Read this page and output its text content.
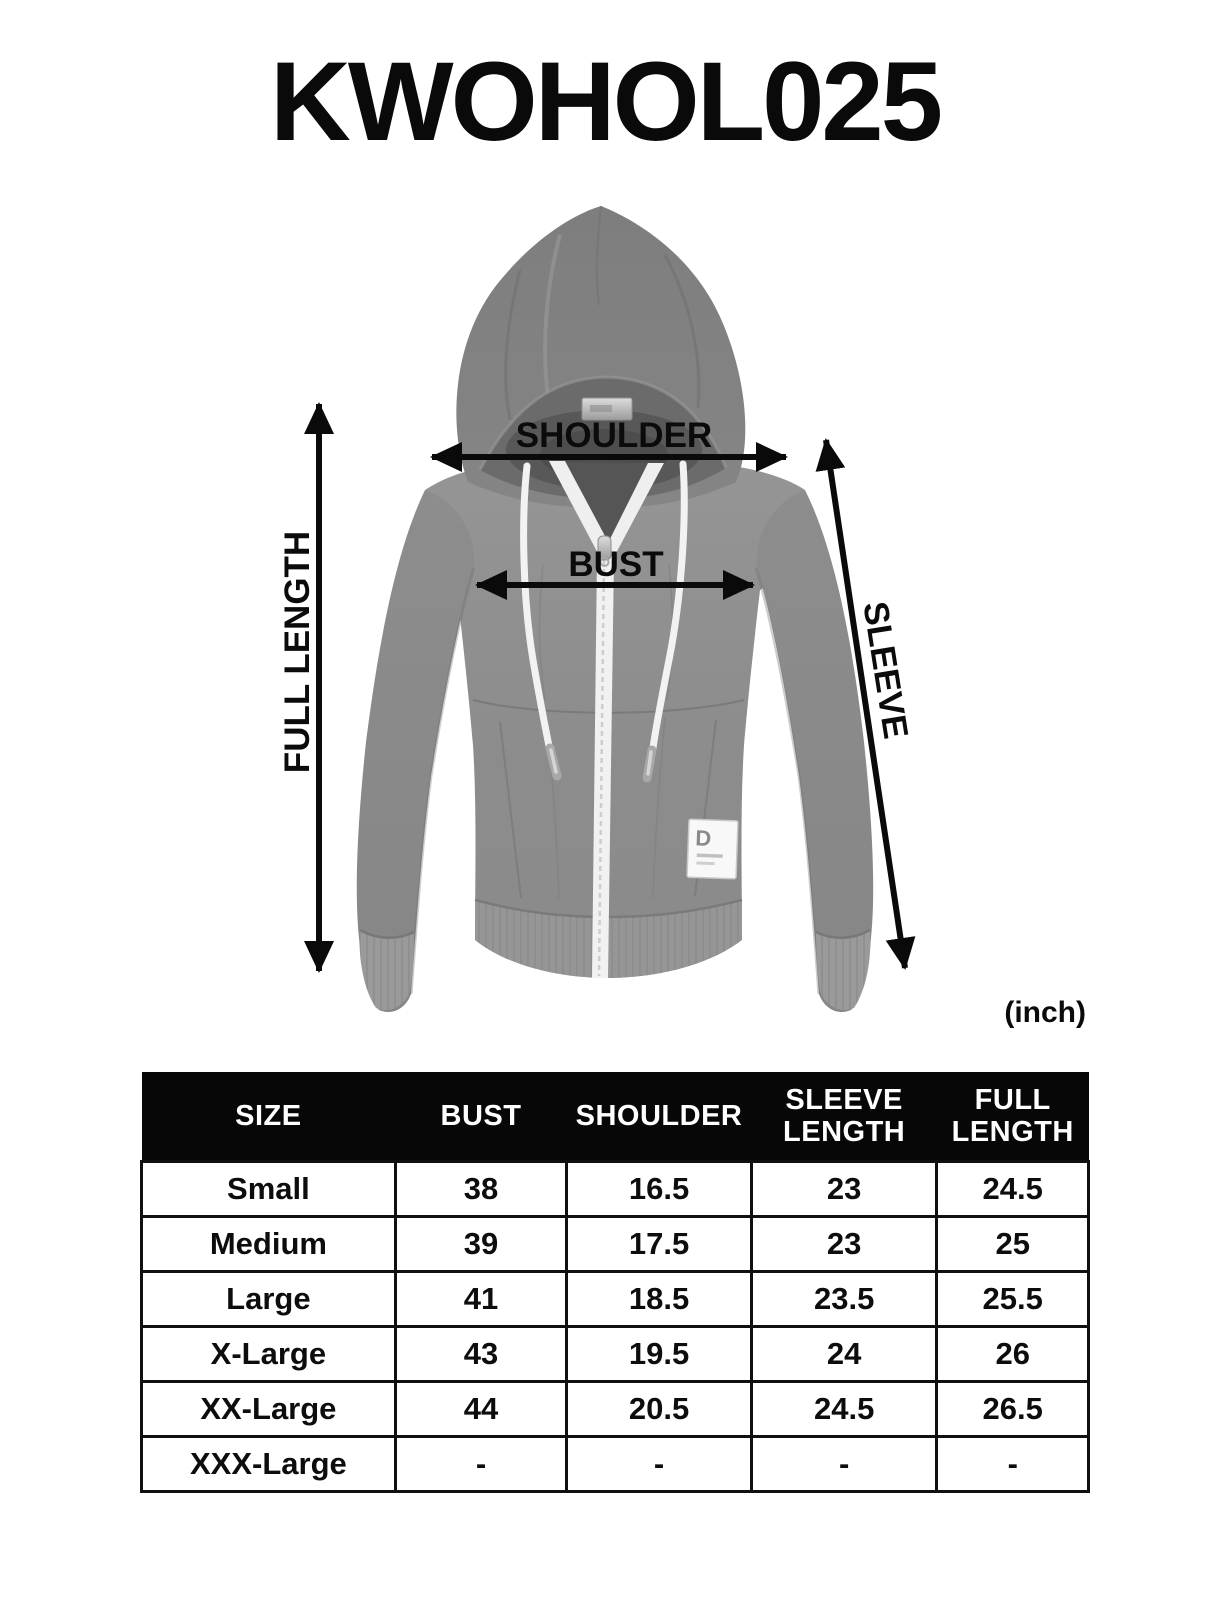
KWOHOL025
D
SHOULDER
BUST
FULL LENGTH	SLEEVE
(inch)
SIZE	BUST	SHOULDER	SLEEVE LENGTH	FULL LENGTH
Small	38	16.5	23	24.5
Medium	39	17.5	23	25
Large	41	18.5	23.5	25.5
X-Large	43	19.5	24	26
XX-Large	44	20.5	24.5	26.5
XXX-Large	-	-	-	-
